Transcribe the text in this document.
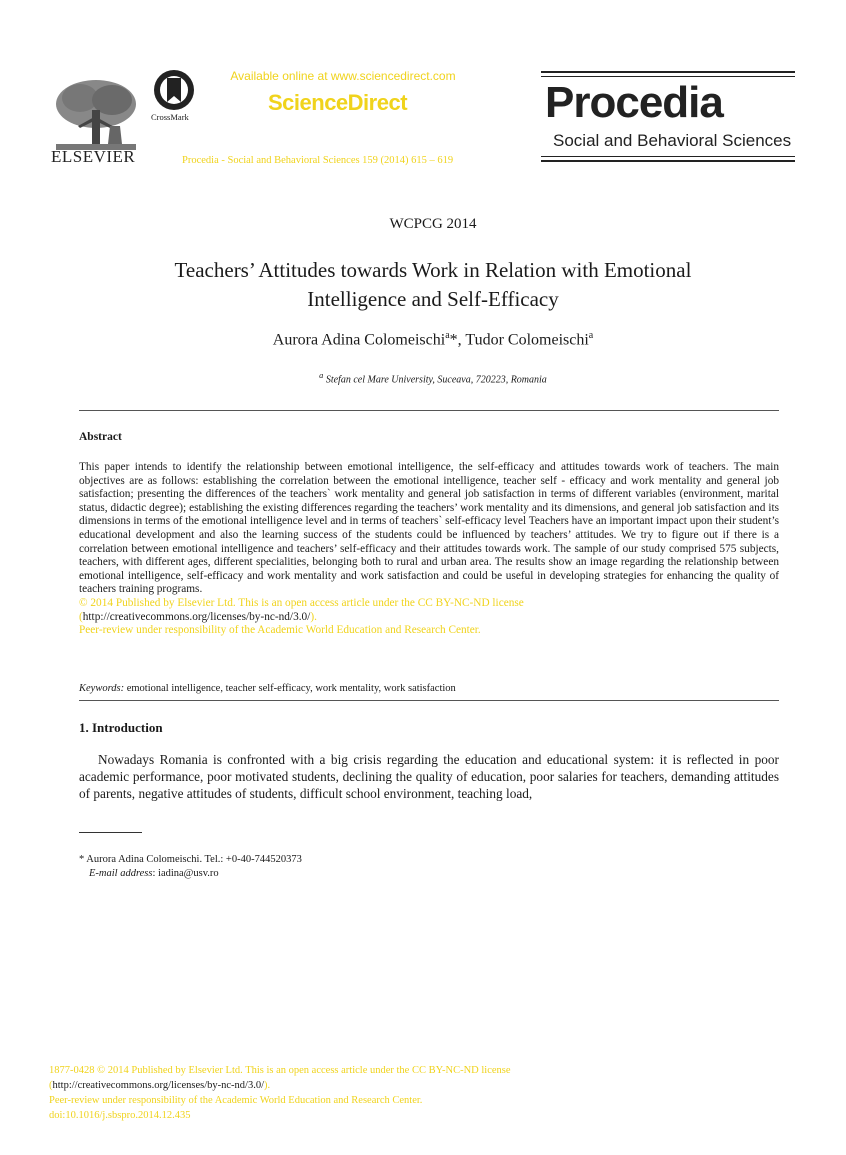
ELSEVIER
CrossMark
Available online at www.sciencedirect.com
ScienceDirect
Procedia - Social and Behavioral Sciences 159 (2014) 615 – 619
Procedia
Social and Behavioral Sciences
WCPCG 2014
Teachers’ Attitudes towards Work in Relation with Emotional
Intelligence and Self-Efficacy
Aurora Adina Colomeischi$^a$*, Tudor Colomeischi$^a$
$^a$ Stefan cel Mare University, Suceava, 720223, Romania
Abstract
This paper intends to identify the relationship between emotional intelligence, the self-efficacy and attitudes towards work of teachers. The main objectives are as follows: establishing the correlation between the emotional intelligence, teacher self - efficacy and work mentality and general job satisfaction; presenting the differences of the teachers` work mentality and general job satisfaction in terms of different variables (environment, marital status, didactic degree); establishing the existing differences regarding the teachers’ work mentality and its dimensions, and general job satisfaction and its dimensions in terms of the emotional intelligence level and in terms of teachers` self-efficacy level Teachers have an important impact upon their student’s educational development and also the learning success of the students could be influenced by teachers’ attitudes. We try to figure out if there is a correlation between emotional intelligence and teachers’ self-efficacy and their attitudes towards work. The sample of our study comprised 575 subjects, teachers, with different ages, different specialities, belonging both to rural and urban area. The results show an image regarding the relationship between emotional intelligence, self-efficacy and work mentality and work satisfaction and could be useful in developing strategies for enhancing the quality of teachers training programs.
© 2014 Published by Elsevier Ltd. This is an open access article under the CC BY-NC-ND license
(http://creativecommons.org/licenses/by-nc-nd/3.0/).
Peer-review under responsibility of the Academic World Education and Research Center.
Keywords: emotional intelligence, teacher self-efficacy, work mentality, work satisfaction
1. Introduction
Nowadays Romania is confronted with a big crisis regarding the education and educational system: it is reflected in poor academic performance, poor motivated students, declining the quality of education, poor salaries for teachers, demanding attitudes of parents, negative attitudes of students, difficult school environment, teaching load,
* Aurora Adina Colomeischi. Tel.: +0-40-744520373
E-mail address: iadina@usv.ro
1877-0428 © 2014 Published by Elsevier Ltd. This is an open access article under the CC BY-NC-ND license
(http://creativecommons.org/licenses/by-nc-nd/3.0/).
Peer-review under responsibility of the Academic World Education and Research Center.
doi:10.1016/j.sbspro.2014.12.435
